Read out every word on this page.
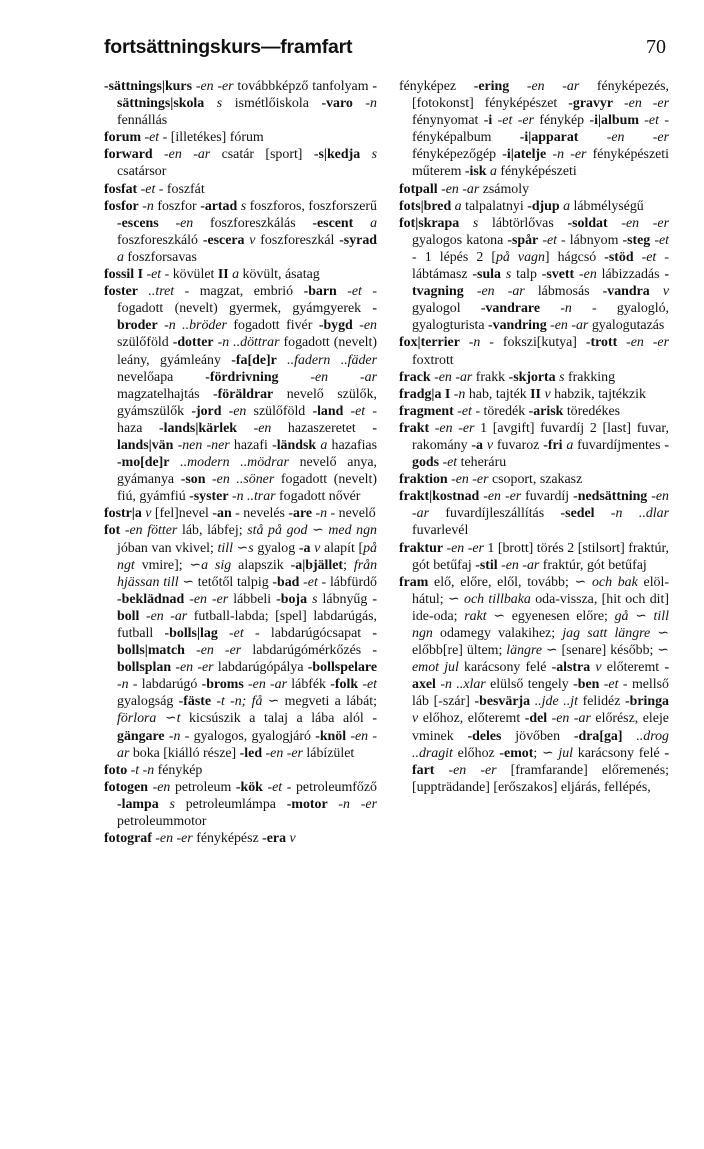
fortsättningskurs—framfart	70

-sättnings|kurs -en -er továbbképző tanfolyam -sättnings|skola s ismétlőiskola -varo -n fennállás

forum -et - [illetékes] fórum

forward -en -ar csatár [sport] -s|kedja s csatársor

fosfat -et - foszfát

fosfor -n foszfor -artad s foszforos, foszforszerű -escens -en foszforeszkálás -escent a foszforeszkáló -escera v foszforeszkál -syrad a foszforsavas

fossil I -et - kövület II a kövült, ásatag

foster ..tret - magzat, embrió -barn -et - fogadott (nevelt) gyermek, gyámgyerek -broder -n ..bröder fogadott fivér -bygd -en szülőföld -dotter -n ..döttrar fogadott (nevelt) leány, gyámleány -fa[de]r ..fadern ..fäder nevelőapa -fördrivning -en -ar magzatelhajtás -föräldrar nevelő szülők, gyámszülők -jord -en szülőföld -land -et - haza -lands|kärlek -en hazaszeretet -lands|vän -nen -ner hazafi -ländsk a hazafias -mo[de]r ..modern ..mödrar nevelő anya, gyámanya -son -en ..söner fogadott (nevelt) fiú, gyámfiú -syster -n ..trar fogadott nővér

fostr|a v [fel]nevel -an - nevelés -are -n - nevelő

fot -en fötter láb, lábfej; stå på god ∽ med ngn jóban van vkivel; till ∽s gyalog -a v alapít [på ngt vmire]; ∽a sig alapszik -a|bjället; från hjässan till ∽ tetőtől talpig -bad -et - lábfürdő -beklädnad -en -er lábbeli -boja s lábnyűg -boll -en -ar futball-labda; [spel] labdarúgás, futball -bolls|lag -et - labdarúgócsapat -bolls|match -en -er labdarúgómérkőzés -bollsplan -en -er labdarúgópálya -bollspelare -n - labdarúgó -broms -en -ar lábfék -folk -et gyalogság -fäste -t -n; få ∽ megveti a lábát; förlora ∽t kicsúszik a talaj a lába alól -gängare -n - gyalogos, gyalogjáró -knöl -en -ar boka [kiálló része] -led -en -er lábízület

foto -t -n fénykép

fotogen -en petroleum -kök -et - petroleumfőző -lampa s petroleumlámpa -motor -n -er petroleummotor

fotograf -en -er fényképész -era v

fényképez -ering -en -ar fényképezés, [fotokonst] fényképészet -gravyr -en -er fénynyomat -i -et -er fénykép -i|album -et - fényképalbum -i|apparat -en -er fényképezőgép -i|atelje -n -er fényképészeti műterem -isk a fényképészeti

fotpall -en -ar zsámoly

fots|bred a talpalatnyi -djup a lábmélységű

fot|skrapa s lábtörlővas -soldat -en -er gyalogos katona -spår -et - lábnyom -steg -et - 1 lépés 2 [på vagn] hágcsó -stöd -et - lábtámasz -sula s talp -svett -en lábizzadás -tvagning -en -ar lábmosás -vandra v gyalogol -vandrare -n - gyalogló, gyalogturista -vandring -en -ar gyalogutazás

fox|terrier -n - fokszi[kutya] -trott -en -er foxtrott

frack -en -ar frakk -skjorta s frakking

fradg|a I -n hab, tajték II v habzik, tajtékzik

fragment -et - töredék -arisk töredékes

frakt -en -er 1 [avgift] fuvardíj 2 [last] fuvar, rakomány -a v fuvaroz -fri a fuvardíjmentes -gods -et teheráru

fraktion -en -er csoport, szakasz

frakt|kostnad -en -er fuvardíj -nedsättning -en -ar fuvardíjleszállítás -sedel -n ..dlar fuvarlevél

fraktur -en -er 1 [brott] törés 2 [stilsort] fraktúr, gót betűfaj -stil -en -ar fraktúr, gót betűfaj

fram elő, előre, elől, tovább; ∽ och bak elöl-hátul; ∽ och tillbaka oda-vissza, [hit och dit] ide-oda; rakt ∽ egyenesen előre; gå ∽ till ngn odamegy valakihez; jag satt längre ∽ előbb[re] ültem; längre ∽ [senare] később; ∽ emot jul karácsony felé -alstra v előteremt -axel -n ..xlar elülső tengely -ben -et - mellső láb [-szár] -besvärja ..jde ..jt felidéz -bringa v előhoz, előteremt -del -en -ar előrész, eleje vminek -deles jövőben -dra[ga] ..drog ..dragit előhoz -emot; ∽ jul karácsony felé -fart -en -er [framfarande] előremenés; [uppträdande] [erőszakos] eljárás, fellépés,
